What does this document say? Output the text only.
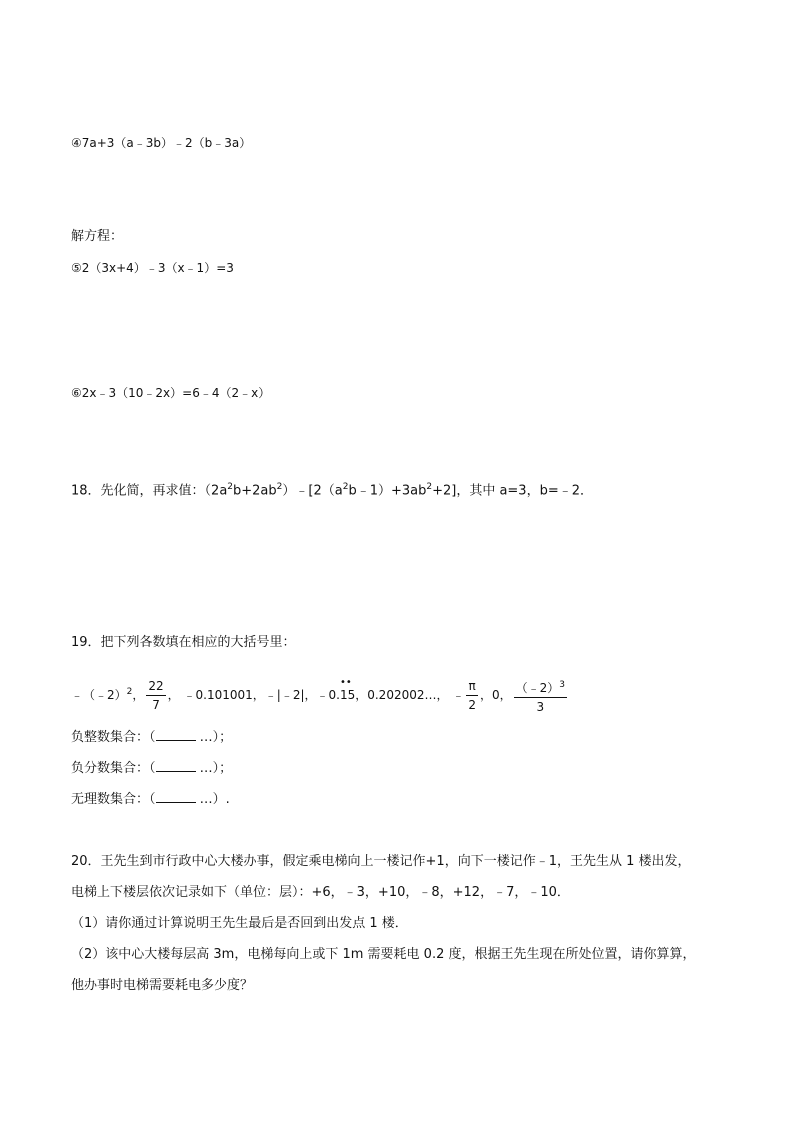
④7a+3（a﹣3b）﹣2（b﹣3a）
解方程：
⑤2（3x+4）﹣3（x﹣1）=3
⑥2x﹣3（10﹣2x）=6﹣4（2﹣x）
18．先化简，再求值：$(2a^2b+2ab^2)﹣[2(a^2b﹣1)+3ab^2+2]$，其中 a=3，b=﹣2．
19．把下列各数填在相应的大括号里：
﹣（﹣2）$^2$， $\frac{22}{7}$ ， ﹣0.101001，﹣|﹣2|，﹣0.
••
15，0.202002…， ﹣ $\frac{\pi}{2}$ ，0， $\frac{(﹣2)^3}{3}$
负整数集合：（	…）；
负分数集合：（	…）；
无理数集合：（	…）.
20．王先生到市行政中心大楼办事，假定乘电梯向上一楼记作+1，向下一楼记作﹣1，王先生从 1 楼出发，
电梯上下楼层依次记录如下（单位：层）：+6，﹣3，+10，﹣8，+12，﹣7，﹣10．
（1）请你通过计算说明王先生最后是否回到出发点 1 楼．
（2）该中心大楼每层高 3m，电梯每向上或下 1m 需要耗电 0.2 度，根据王先生现在所处位置，请你算算，
他办事时电梯需要耗电多少度？
